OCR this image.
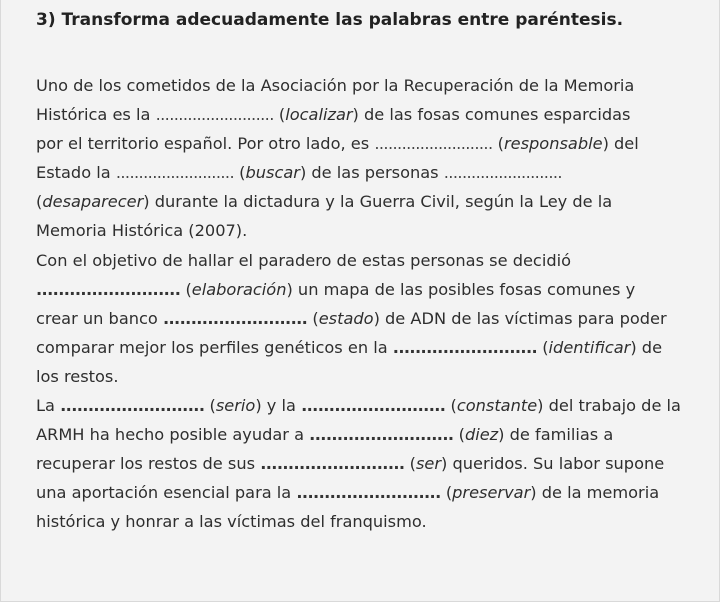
3) Transforma adecuadamente las palabras entre paréntesis.
Uno de los cometidos de la Asociación por la Recuperación de la Memoria
Histórica es la .......................... (localizar) de las fosas comunes esparcidas
por el territorio español. Por otro lado, es .......................... (responsable) del
Estado la .......................... (buscar) de las personas ..........................
(desaparecer) durante la dictadura y la Guerra Civil, según la Ley de la
Memoria Histórica (2007).
Con el objetivo de hallar el paradero de estas personas se decidió
.......................... (elaboración) un mapa de las posibles fosas comunes y
crear un banco .......................... (estado) de ADN de las víctimas para poder
comparar mejor los perfiles genéticos en la .......................... (identificar) de
los restos.
La .......................... (serio) y la .......................... (constante) del trabajo de la
ARMH ha hecho posible ayudar a .......................... (diez) de familias a
recuperar los restos de sus .......................... (ser) queridos. Su labor supone
una aportación esencial para la .......................... (preservar) de la memoria
histórica y honrar a las víctimas del franquismo.
